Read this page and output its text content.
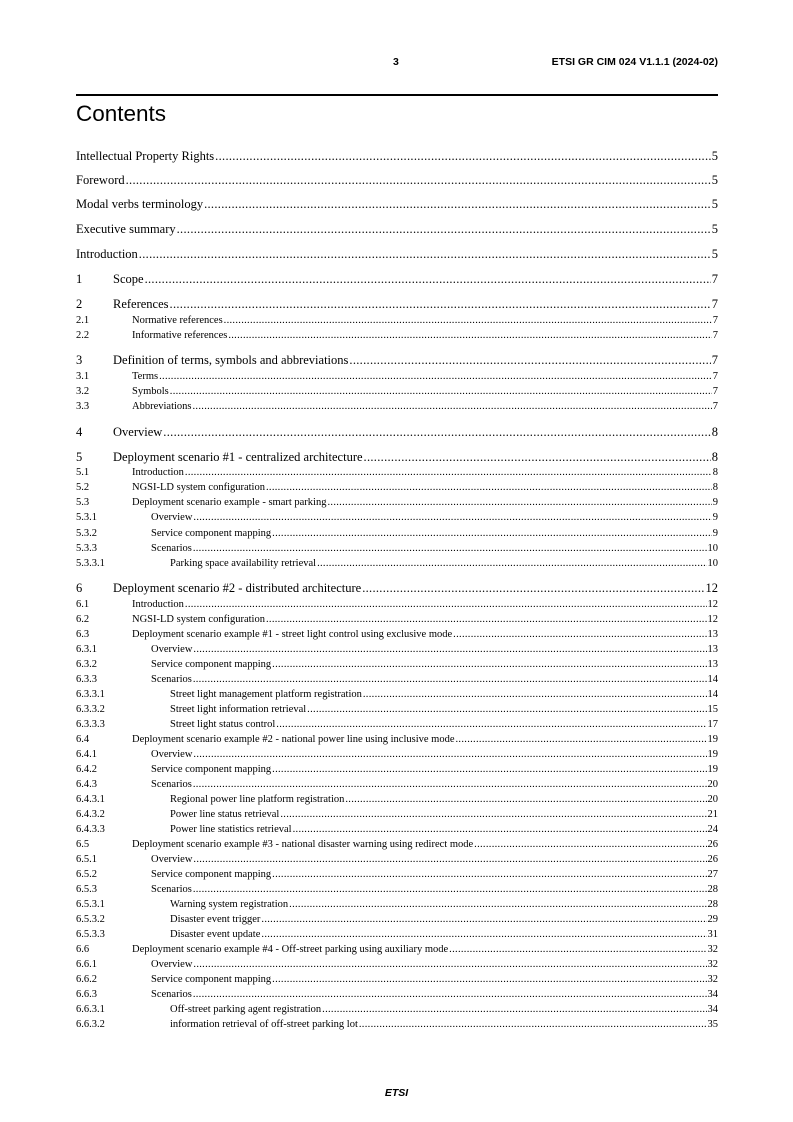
3	ETSI GR CIM 024 V1.1.1 (2024-02)
Contents
Intellectual Property Rights .....	5
Foreword .....	5
Modal verbs terminology .....	5
Executive summary .....	5
Introduction .....	5
1	Scope .....	7
2	References .....	7
2.1	Normative references .....	7
2.2	Informative references .....	7
3	Definition of terms, symbols and abbreviations .....	7
3.1	Terms .....	7
3.2	Symbols .....	7
3.3	Abbreviations .....	7
4	Overview .....	8
5	Deployment scenario #1 - centralized architecture .....	8
5.1	Introduction .....	8
5.2	NGSI-LD system configuration .....	8
5.3	Deployment scenario example - smart parking .....	9
5.3.1	Overview .....	9
5.3.2	Service component mapping .....	9
5.3.3	Scenarios .....	10
5.3.3.1	Parking space availability retrieval .....	10
6	Deployment scenario #2 - distributed architecture .....	12
6.1	Introduction .....	12
6.2	NGSI-LD system configuration .....	12
6.3	Deployment scenario example #1 - street light control using exclusive mode .....	13
6.3.1	Overview .....	13
6.3.2	Service component mapping .....	13
6.3.3	Scenarios .....	14
6.3.3.1	Street light management platform registration .....	14
6.3.3.2	Street light information retrieval .....	15
6.3.3.3	Street light status control .....	17
6.4	Deployment scenario example #2 - national power line using inclusive mode .....	19
6.4.1	Overview .....	19
6.4.2	Service component mapping .....	19
6.4.3	Scenarios .....	20
6.4.3.1	Regional power line platform registration .....	20
6.4.3.2	Power line status retrieval .....	21
6.4.3.3	Power line statistics retrieval .....	24
6.5	Deployment scenario example #3 - national disaster warning using redirect mode .....	26
6.5.1	Overview .....	26
6.5.2	Service component mapping .....	27
6.5.3	Scenarios .....	28
6.5.3.1	Warning system registration .....	28
6.5.3.2	Disaster event trigger .....	29
6.5.3.3	Disaster event update .....	31
6.6	Deployment scenario example #4 - Off-street parking using auxiliary mode .....	32
6.6.1	Overview .....	32
6.6.2	Service component mapping .....	32
6.6.3	Scenarios .....	34
6.6.3.1	Off-street parking agent registration .....	34
6.6.3.2	information retrieval of off-street parking lot .....	35
ETSI
